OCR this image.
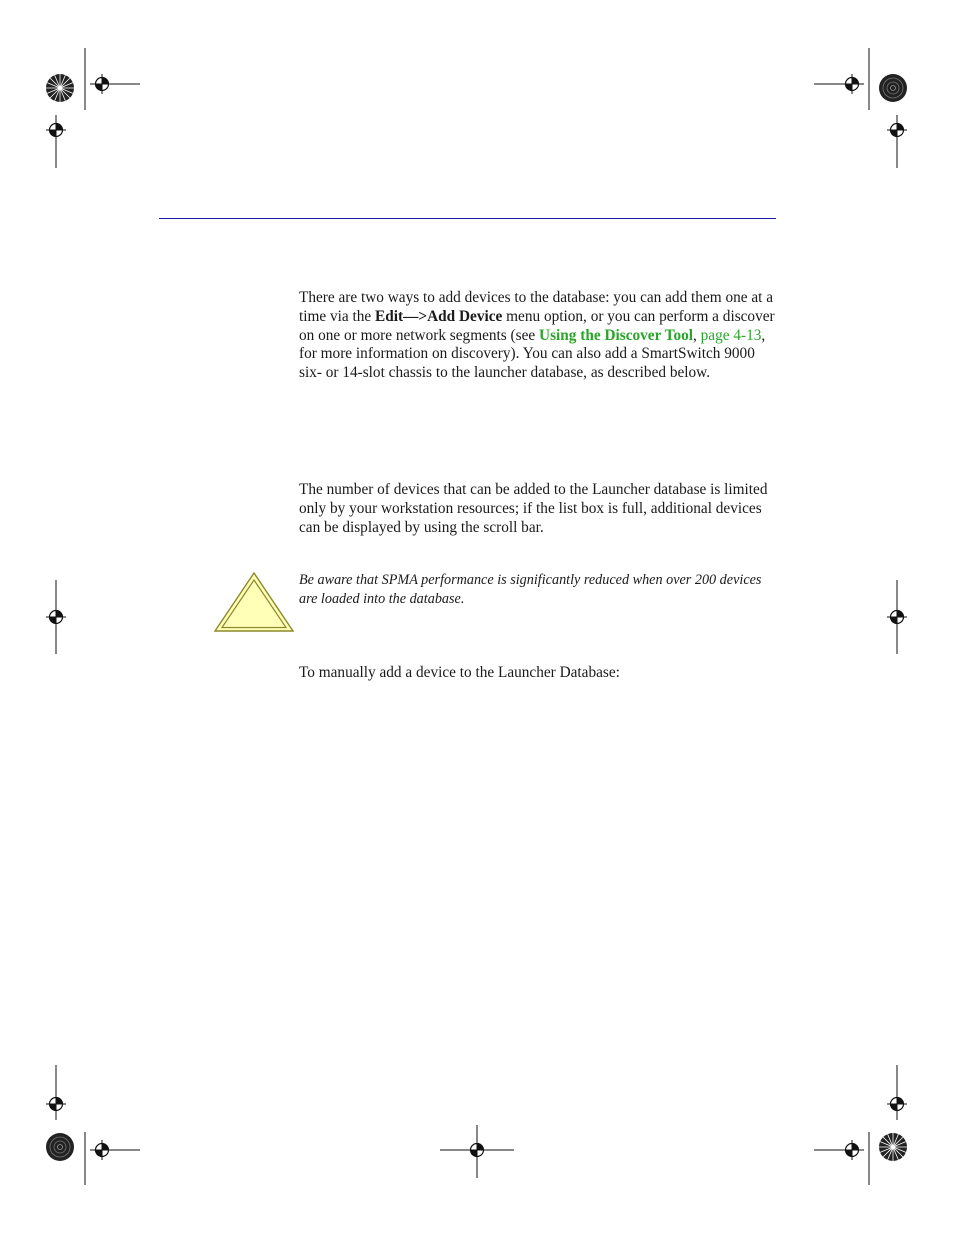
There are two ways to add devices to the database: you can add them one at a time via the Edit—>Add Device menu option, or you can perform a discover on one or more network segments (see Using the Discover Tool, page 4-13, for more information on discovery). You can also add a SmartSwitch 9000 six- or 14-slot chassis to the launcher database, as described below.

The number of devices that can be added to the Launcher database is limited only by your workstation resources; if the list box is full, additional devices can be displayed by using the scroll bar.

Be aware that SPMA performance is significantly reduced when over 200 devices are loaded into the database.

To manually add a device to the Launcher Database:
